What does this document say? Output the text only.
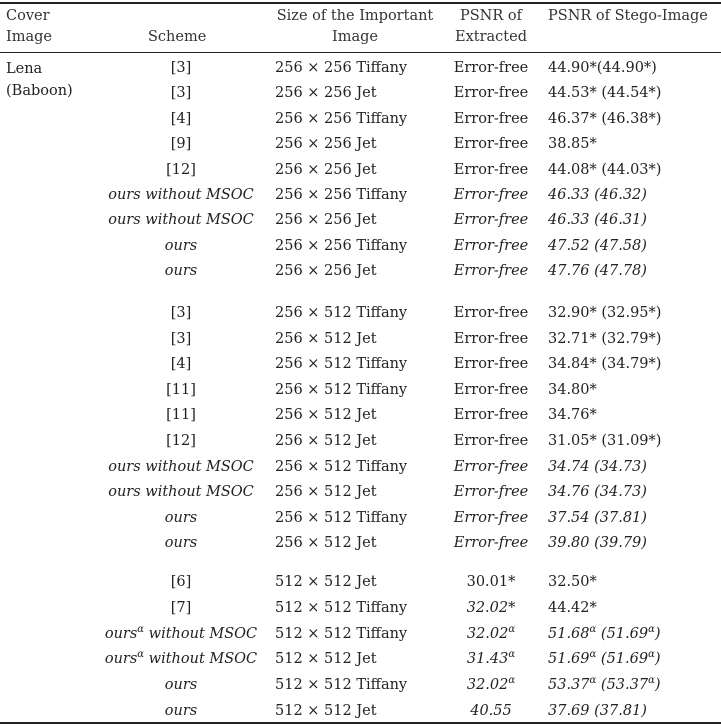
Cover
Image	Scheme
Size of the Important
Image
PSNR of
Extracted
PSNR of Stego-Image
Lena
(Baboon)
[3]	256 × 256 Tiffany	Error-free 44.90*(44.90*)
[3]	256 × 256 Jet	Error-free 44.53* (44.54*)
[4]	256 × 256 Tiffany	Error-free 46.37* (46.38*)
[9]	256 × 256 Jet	Error-free 38.85*
[12]	256 × 256 Jet	Error-free 44.08* (44.03*)
ours without MSOC	256 × 256 Tiffany	Error-free 46.33 (46.32)
ours without MSOC	256 × 256 Jet	Error-free 46.33 (46.31)
ours	256 × 256 Tiffany	Error-free 47.52 (47.58)
ours	256 × 256 Jet	Error-free 47.76 (47.78)
[3]	256 × 512 Tiffany	Error-free 32.90* (32.95*)
[3]	256 × 512 Jet	Error-free 32.71* (32.79*)
[4]	256 × 512 Tiffany	Error-free 34.84* (34.79*)
[11]	256 × 512 Tiffany	Error-free 34.80*
[11]	256 × 512 Jet	Error-free 34.76*
[12]	256 × 512 Jet	Error-free 31.05* (31.09*)
ours without MSOC	256 × 512 Tiffany	Error-free 34.74 (34.73)
ours without MSOC	256 × 512 Jet	Error-free 34.76 (34.73)
ours	256 × 512 Tiffany	Error-free 37.54 (37.81)
ours	256 × 512 Jet	Error-free 39.80 (39.79)
[6]	512 × 512 Jet	30.01*	32.50*
[7]	512 × 512 Tiffany	32.02*	44.42*
ours$^\alpha$ without MSOC	512 × 512 Tiffany	$32.02^\alpha$	$51.68^\alpha$ $(51.69^\alpha)$
ours$^\alpha$ without MSOC	512 × 512 Jet	$31.43^\alpha$	$51.69^\alpha$ $(51.69^\alpha)$
ours	512 × 512 Tiffany	$32.02^\alpha$	$53.37^\alpha$ $(53.37^\alpha)$
ours	512 × 512 Jet	40.55	37.69 (37.81)
